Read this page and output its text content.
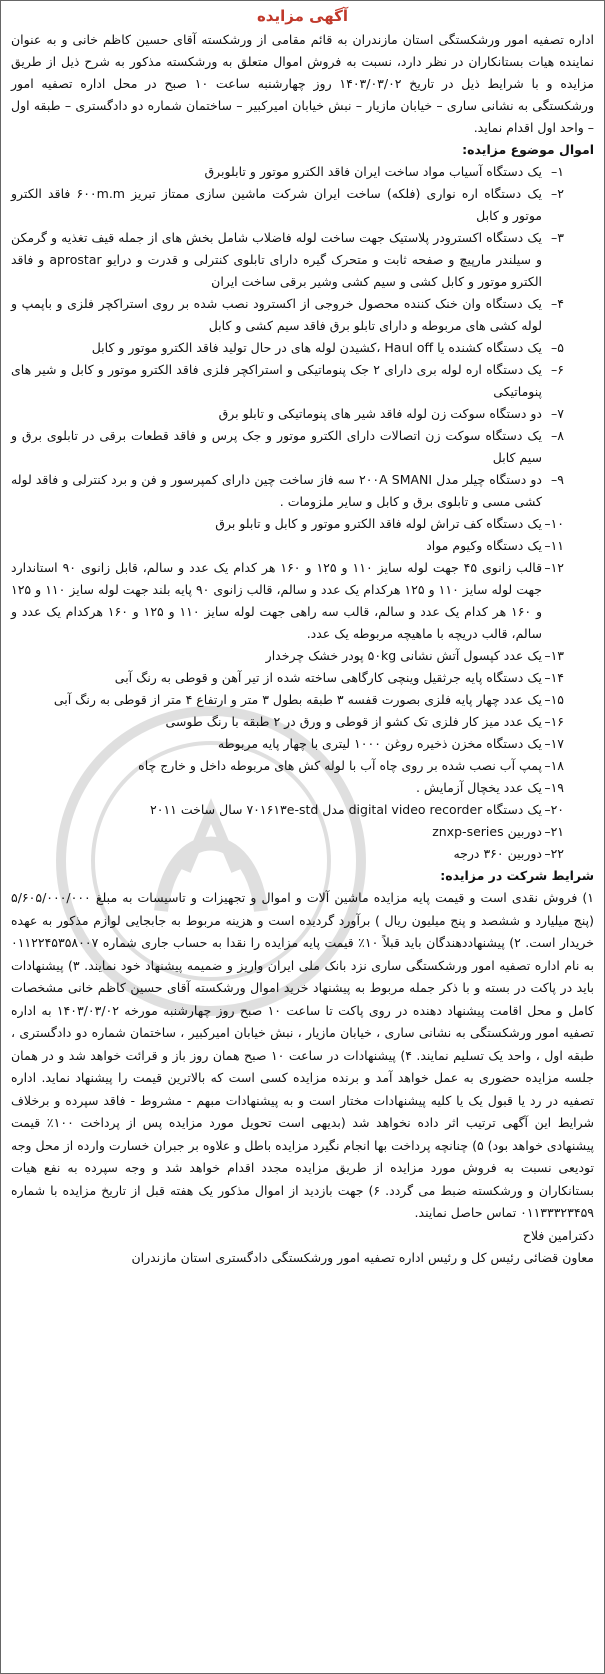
آگهی مزایده

اداره تصفیه امور ورشکستگی استان مازندران به قائم مقامی از ورشکسته آقای حسین کاظم خانی و به عنوان نماینده هیات بستانکاران در نظر دارد، نسبت به فروش اموال متعلق به ورشکسته مذکور به شرح ذیل از طریق مزایده و با شرایط ذیل در تاریخ ۱۴۰۳/۰۳/۰۲ روز چهارشنبه ساعت ۱۰ صبح در محل اداره تصفیه امور ورشکستگی به نشانی ساری – خیابان مازیار – نبش خیابان امیرکبیر – ساختمان شماره دو دادگستری – طبقه اول – واحد اول اقدام نماید.

اموال موضوع مزایده:

۱–
یک دستگاه آسیاب مواد ساخت ایران فاقد الکترو موتور و تابلوبرق
۲–
یک دستگاه اره نواری (فلکه) ساخت ایران شرکت ماشین سازی ممتاز تبریز ۶۰۰m.m فاقد الکترو موتور و کابل
۳–
یک دستگاه اکسترودر پلاستیک جهت ساخت لوله فاضلاب شامل بخش های از جمله قیف تغذیه و گرمکن و سیلندر مارپیچ و صفحه ثابت و متحرک گیره دارای تابلوی کنترلی و قدرت و درایو aprostar و فاقد الکترو موتور و کابل کشی و سیم کشی وشیر برقی ساخت ایران
۴–
یک دستگاه وان خنک کننده محصول خروجی از اکسترود نصب شده بر روی استراکچر فلزی و باپمپ و لوله کشی های مربوطه و دارای تابلو برق فاقد سیم کشی و کابل
۵–
یک دستگاه کشنده یا Haul off ،کشیدن لوله های در حال تولید فاقد الکترو موتور و کابل
۶–
یک دستگاه اره لوله بری دارای ۲ جک پنوماتیکی و استراکچر فلزی فاقد الکترو موتور و کابل و شیر های پنوماتیکی
۷–
دو دستگاه سوکت زن لوله فاقد شیر های پنوماتیکی و تابلو برق
۸–
یک دستگاه سوکت زن اتصالات دارای الکترو موتور و جک پرس و فاقد قطعات برقی در تابلوی برق و سیم کابل
۹–
دو دستگاه چیلر مدل ۲۰۰A SMANI سه فاز ساخت چین دارای کمپرسور و فن و برد کنترلی و فاقد لوله کشی مسی و تابلوی برق و کابل و سایر ملزومات .
۱۰–
یک دستگاه کف تراش لوله فاقد الکترو موتور و کابل و تابلو برق
۱۱–
یک دستگاه وکیوم مواد
۱۲–
قالب زانوی ۴۵ جهت لوله سایز ۱۱۰ و ۱۲۵ و ۱۶۰ هر کدام یک عدد و سالم، قابل زانوی ۹۰ استاندارد جهت لوله سایز ۱۱۰ و ۱۲۵ هرکدام یک عدد و سالم، قالب زانوی ۹۰ پایه بلند جهت لوله سایز ۱۱۰ و ۱۲۵ و ۱۶۰ هر کدام یک عدد و سالم، قالب سه راهی جهت لوله سایز ۱۱۰ و ۱۲۵ و ۱۶۰ هرکدام یک عدد و سالم، قالب دریچه با ماهیچه مربوطه یک عدد.
۱۳–
یک عدد کپسول آتش نشانی ۵۰kg پودر خشک چرخدار
۱۴–
یک دستگاه پایه جرثقیل وینچی کارگاهی ساخته شده از تیر آهن و قوطی به رنگ آبی
۱۵–
یک عدد چهار پایه فلزی بصورت قفسه ۳ طبقه بطول ۳ متر و ارتفاع ۴ متر از قوطی به رنگ آبی
۱۶–
یک عدد میز کار فلزی تک کشو از قوطی و ورق در ۲ طبقه با رنگ طوسی
۱۷–
یک دستگاه مخزن ذخیره روغن ۱۰۰۰ لیتری با چهار پایه مربوطه
۱۸–
پمپ آب نصب شده بر روی چاه آب با لوله کش های مربوطه داخل و خارج چاه
۱۹–
یک عدد یخچال آزمایش .
۲۰–
یک دستگاه digital video recorder مدل ۷۰۱۶۱۳e-std سال ساخت ۲۰۱۱
۲۱–
دوربین znxp-series
۲۲–
دوربین ۳۶۰ درجه

شرایط شرکت در مزایده:

۱) فروش نقدی است و قیمت پایه مزایده ماشین آلات و اموال و تجهیزات و تاسیسات به مبلغ ۵/۶۰۵/۰۰۰/۰۰۰ (پنج میلیارد و ششصد و پنج میلیون ریال ) برآورد گردیده است و هزینه مربوط به جابجایی لوازم مذکور به عهده خریدار است. ۲) پیشنهاددهندگان باید قبلاً ۱۰٪ قیمت پایه مزایده را نقدا به حساب جاری شماره ۰۱۱۲۲۴۵۳۵۸۰۰۷ به نام اداره تصفیه امور ورشکستگی ساری نزد بانک ملی ایران واریز و ضمیمه پیشنهاد خود نمایند. ۳) پیشنهادات باید در پاکت در بسته و با ذکر جمله مربوط به پیشنهاد خرید اموال ورشکسته آقای حسین کاظم خانی مشخصات کامل و محل اقامت پیشنهاد دهنده در روی پاکت تا ساعت ۱۰ صبح روز چهارشنبه مورخه ۱۴۰۳/۰۳/۰۲ به اداره تصفیه امور ورشکستگی به نشانی ساری ، خیابان مازیار ، نبش خیابان امیرکبیر ، ساختمان شماره دو دادگستری ، طبقه اول ، واحد یک تسلیم نمایند. ۴) پیشنهادات در ساعت ۱۰ صبح همان روز باز و قرائت خواهد شد و در همان جلسه مزایده حضوری به عمل خواهد آمد و برنده مزایده کسی است که بالاترین قیمت را پیشنهاد نماید. اداره تصفیه در رد یا قبول یک یا کلیه پیشنهادات مختار است و به پیشنهادات مبهم - مشروط - فاقد سپرده و برخلاف شرایط این آگهی ترتیب اثر داده نخواهد شد (بدیهی است تحویل مورد مزایده پس از پرداخت ۱۰۰٪ قیمت پیشنهادی خواهد بود) ۵) چنانچه پرداخت بها انجام نگیرد مزایده باطل و علاوه بر جبران خسارت وارده از محل وجه تودیعی نسبت به فروش مورد مزایده از طریق مزایده مجدد اقدام خواهد شد و وجه سپرده به نفع هیات بستانکاران و ورشکسته ضبط می گردد. ۶) جهت بازدید از اموال مذکور یک هفته قبل از تاریخ مزایده با شماره ۰۱۱۳۳۳۲۳۴۵۹ تماس حاصل نمایند.

دکترامین فلاح

معاون قضائی رئیس کل و رئیس اداره تصفیه امور ورشکستگی دادگستری استان مازندران
